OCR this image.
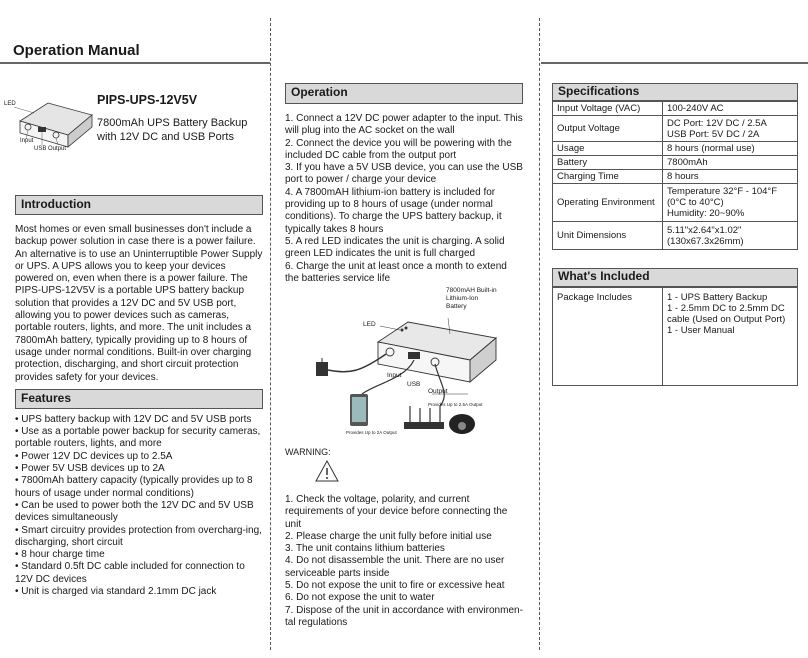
Operation Manual
LED
Input
USB Output
PIPS-UPS-12V5V
7800mAh UPS Battery Backup with 12V DC and USB Ports
Introduction

Most homes or even small businesses don't include a backup power solution in case there is a power failure. An alternative is to use an Uninterruptible Power Supply or UPS. A UPS allows you to keep your devices powered on, even when there is a power failure. The PIPS-UPS-12V5V is a portable UPS battery backup solution that provides a 12V DC and 5V USB port, allowing you to power devices such as cameras, portable routers, lights, and more. The unit includes a 7800mAh battery, typically providing up to 8 hours of usage under normal conditions. Built-in over charging protection, discharging, and short circuit protection provides safety for your devices.

Features
• UPS battery backup with 12V DC and 5V USB ports
• Use as a portable power backup for security cameras, portable routers, lights, and more
• Power 12V DC devices up to 2.5A
• Power 5V USB devices up to 2A
• 7800mAh battery capacity (typically provides up to 8 hours of usage under normal conditions)
• Can be used to power both the 12V DC and 5V USB devices simultaneously
• Smart circuitry provides protection from overcharg-ing, discharging, short circuit
• 8 hour charge time
• Standard 0.5ft DC cable included for connection to 12V DC devices
• Unit is charged via standard 2.1mm DC jack
Operation
1. Connect a 12V DC power adapter to the input. This will plug into the AC socket on the wall
2. Connect the device you will be powering with the included DC cable from the output port
3. If you have a 5V USB device, you can use the USB port to power / charge your device
4. A 7800mAH lithium-ion battery is included for providing up to 8 hours of usage (under normal conditions). To charge the UPS battery backup, it typically takes 8 hours
5. A red LED indicates the unit is charging. A solid green LED indicates the unit is full charged
6. Charge the unit at least once a month to extend the batteries service life
7800mAH Built-in Lithium-Ion Battery
LED
Input
USB
Output
Provides Up to 2.5A Output
Provides Up to 2A Output
WARNING:
1. Check the voltage, polarity, and current requirements of your device before connecting the unit
2. Please charge the unit fully before initial use
3. The unit contains lithium batteries
4. Do not disassemble the unit. There are no user serviceable parts inside
5. Do not expose the unit to fire or excessive heat
6. Do not expose the unit to water
7. Dispose of the unit in accordance with environmen-tal regulations
Specifications
Input Voltage (VAC)	100-240V AC

Output Voltage	DC Port: 12V DC / 2.5A
USB Port: 5V DC / 2A

Usage	8 hours (normal use)

Battery	7800mAh

Charging Time	8 hours

Operating Environment	Temperature 32°F - 104°F
(0°C to 40°C)
Humidity: 20~90%

Unit Dimensions	5.11"x2.64"x1.02"
(130x67.3x26mm)
What's Included
Package Includes	1 - UPS Battery Backup
1 - 2.5mm DC to 2.5mm DC cable (Used on Output Port)
1 - User Manual
